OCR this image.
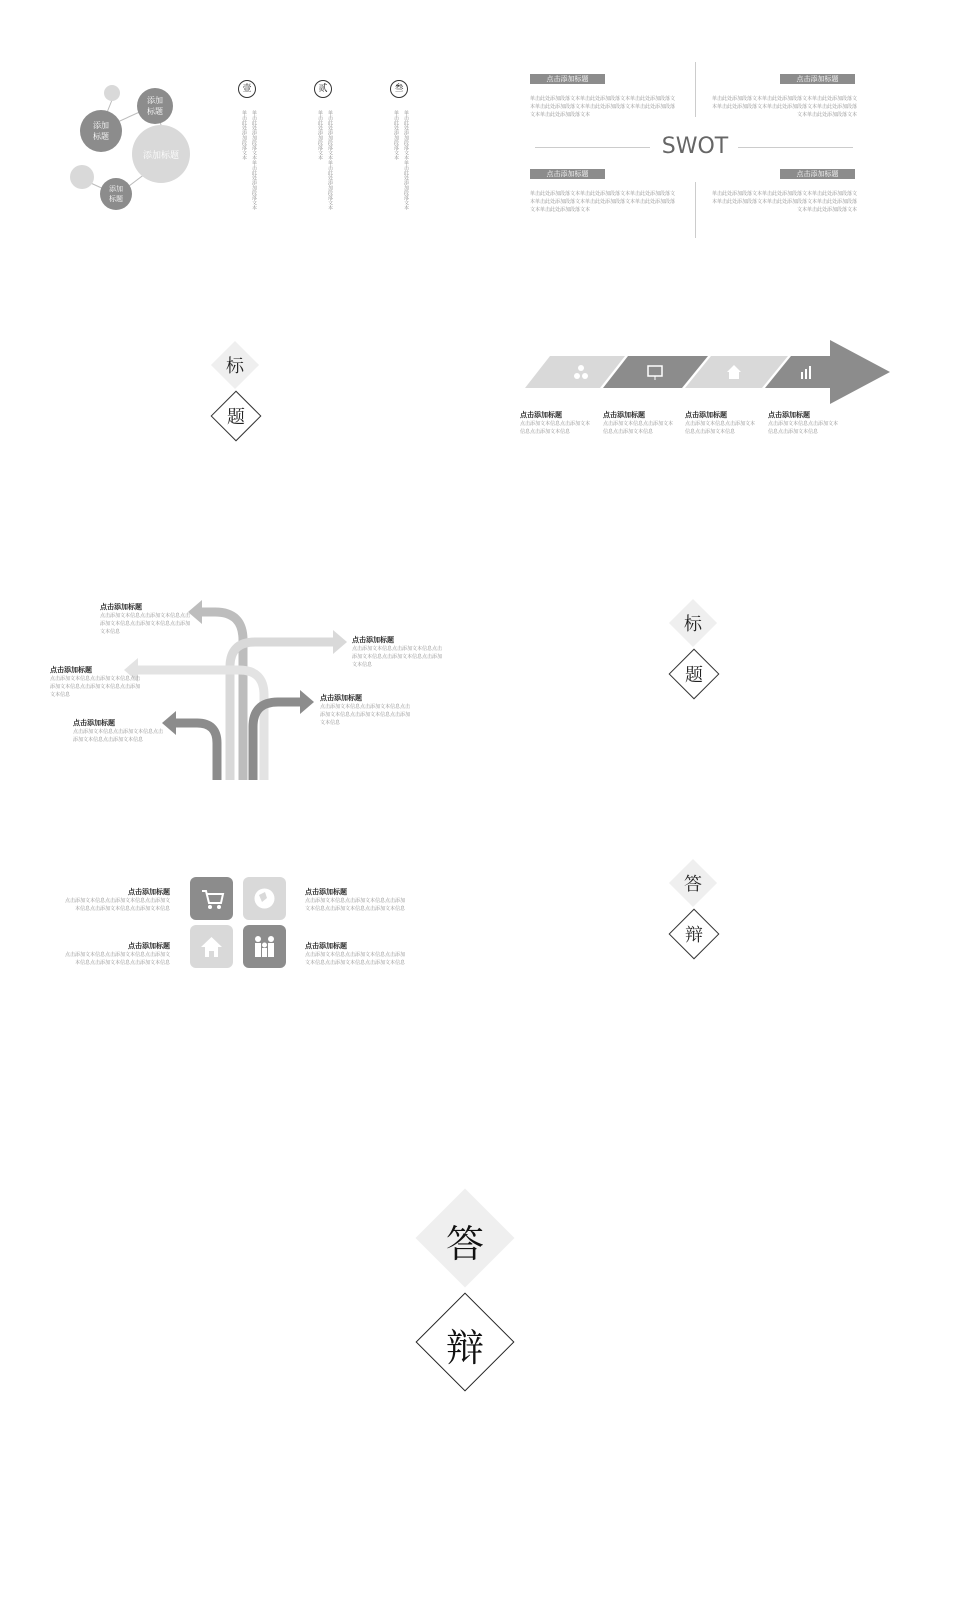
添加
标题
添加
标题
添加标题
添加
标题
壹
单击此处添加段落文本单击此处添加段落文本
单击此处添加段落文本
贰
单击此处添加段落文本单击此处添加段落文本
单击此处添加段落文本
叁
单击此处添加段落文本单击此处添加段落文本
单击此处添加段落文本	SWOT
点击添加标题
单击此处添加段落文本单击此处添加段落文本单击此处添加段落文本单击此处添加段落文本单击此处添加段落文本单击此处添加段落文本单击此处添加段落文本
点击添加标题
单击此处添加段落文本单击此处添加段落文本单击此处添加段落文本单击此处添加段落文本单击此处添加段落文本单击此处添加段落文本单击此处添加段落文本
点击添加标题
单击此处添加段落文本单击此处添加段落文本单击此处添加段落文本单击此处添加段落文本单击此处添加段落文本单击此处添加段落文本单击此处添加段落文本
点击添加标题
单击此处添加段落文本单击此处添加段落文本单击此处添加段落文本单击此处添加段落文本单击此处添加段落文本单击此处添加段落文本单击此处添加段落文本
标
题	点击添加标题
点击添加文本信息点击添加文本信息点击添加文本信息
点击添加标题
点击添加文本信息点击添加文本信息点击添加文本信息
点击添加标题
点击添加文本信息点击添加文本信息点击添加文本信息
点击添加标题
点击添加文本信息点击添加文本信息点击添加文本信息
点击添加标题
点击添加文本信息点击添加文本信息点击添加文本信息点击添加文本信息点击添加文本信息
点击添加标题
点击添加文本信息点击添加文本信息点击添加文本信息点击添加文本信息点击添加文本信息
点击添加标题
点击添加文本信息点击添加文本信息点击添加文本信息点击添加文本信息点击添加文本信息	点击添加标题
点击添加文本信息点击添加文本信息点击添加文本信息点击添加文本信息点击添加文本信息
点击添加标题
点击添加文本信息点击添加文本信息点击添加文本信息点击添加文本信息
标
题
点击添加标题
点击添加文本信息点击添加文本信息点击添加文本信息点击添加文本信息点击添加文本信息
点击添加标题
点击添加文本信息点击添加文本信息点击添加文本信息点击添加文本信息点击添加文本信息
点击添加标题
点击添加文本信息点击添加文本信息点击添加文本信息点击添加文本信息点击添加文本信息
点击添加标题
点击添加文本信息点击添加文本信息点击添加文本信息点击添加文本信息点击添加文本信息
答
辩
答
辩
